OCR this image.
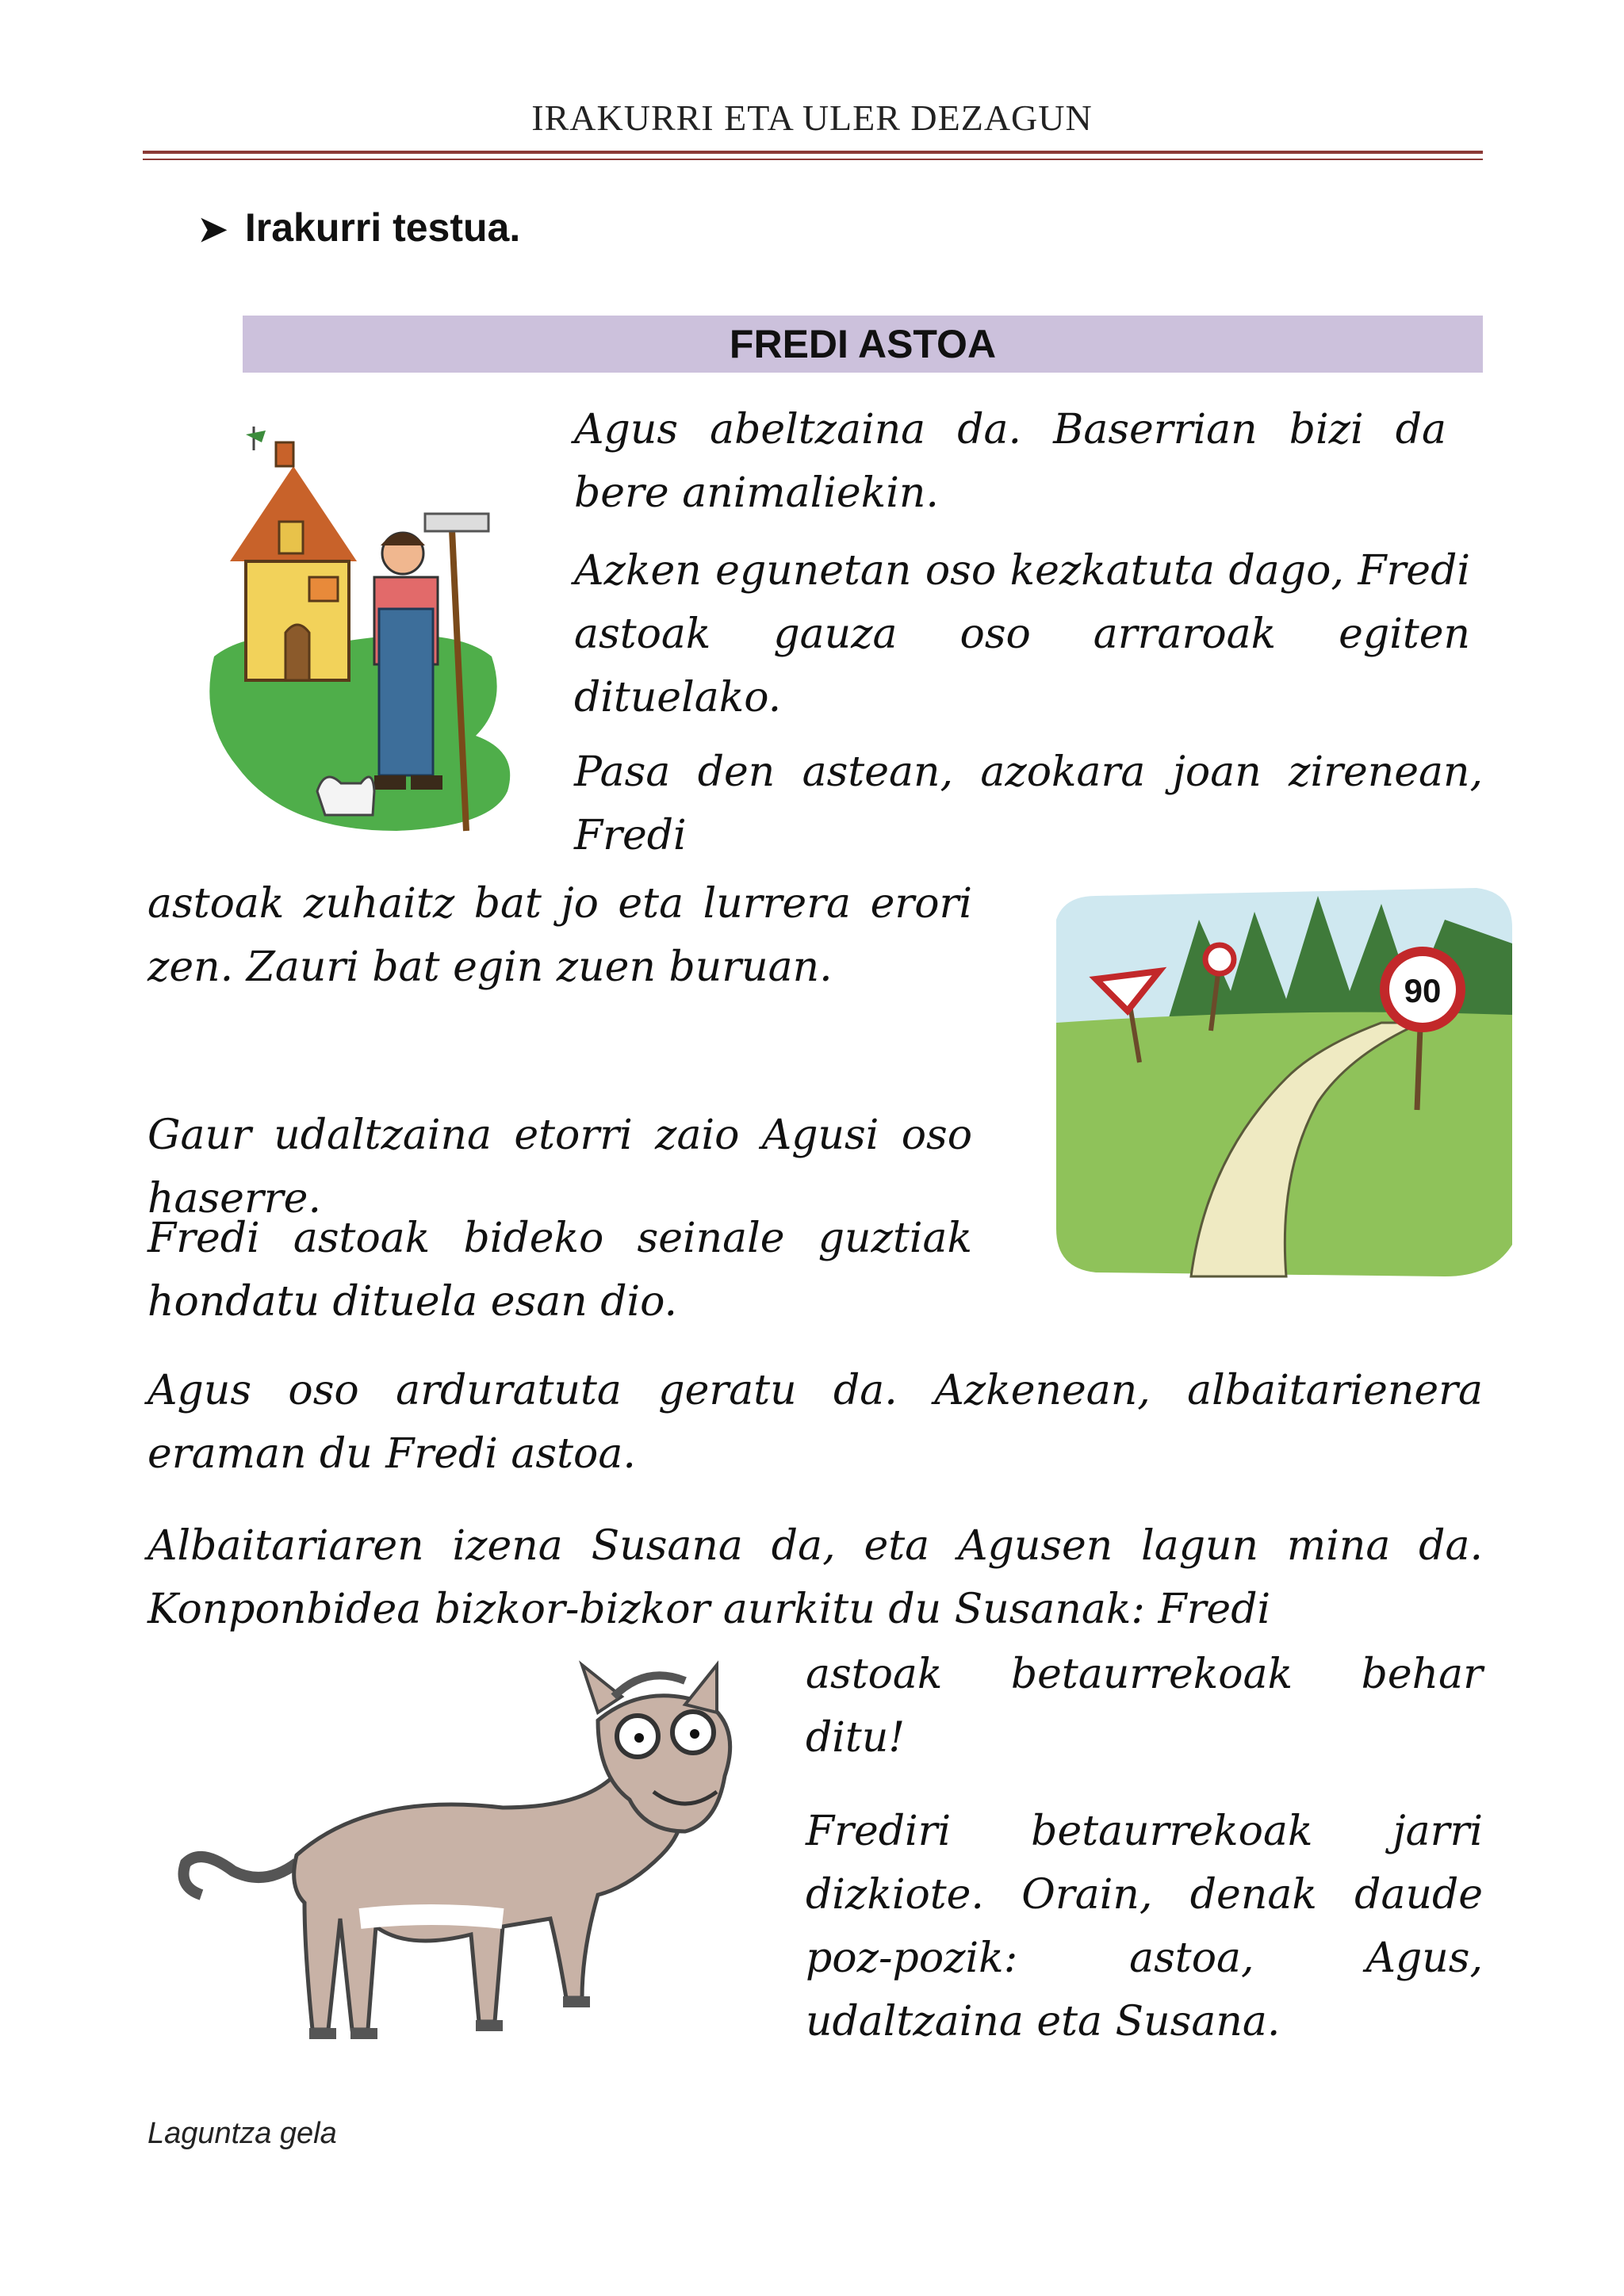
IRAKURRI ETA ULER DEZAGUN
➤ Irakurri testua.
FREDI ASTOA

Agus abeltzaina da. Baserrian bizi da bere animaliekin.

Azken egunetan oso kezkatuta dago, Fredi astoak gauza oso arraroak egiten dituelako.

Pasa den astean, azokara joan zirenean, Fredi

astoak zuhaitz bat jo eta lurrera erori zen. Zauri bat egin zuen buruan.	90

Gaur udaltzaina etorri zaio Agusi oso haserre.

Fredi astoak bideko seinale guztiak hondatu dituela esan dio.

Agus oso arduratuta geratu da. Azkenean, albaitarienera eraman du Fredi astoa.

Albaitariaren izena Susana da, eta Agusen lagun mina da. Konponbidea bizkor-bizkor aurkitu du Susanak: Fredi

astoak betaurrekoak behar ditu!

Frediri betaurrekoak jarri dizkiote. Orain, denak daude poz-pozik: astoa, Agus, udaltzaina eta Susana.

Laguntza gela
